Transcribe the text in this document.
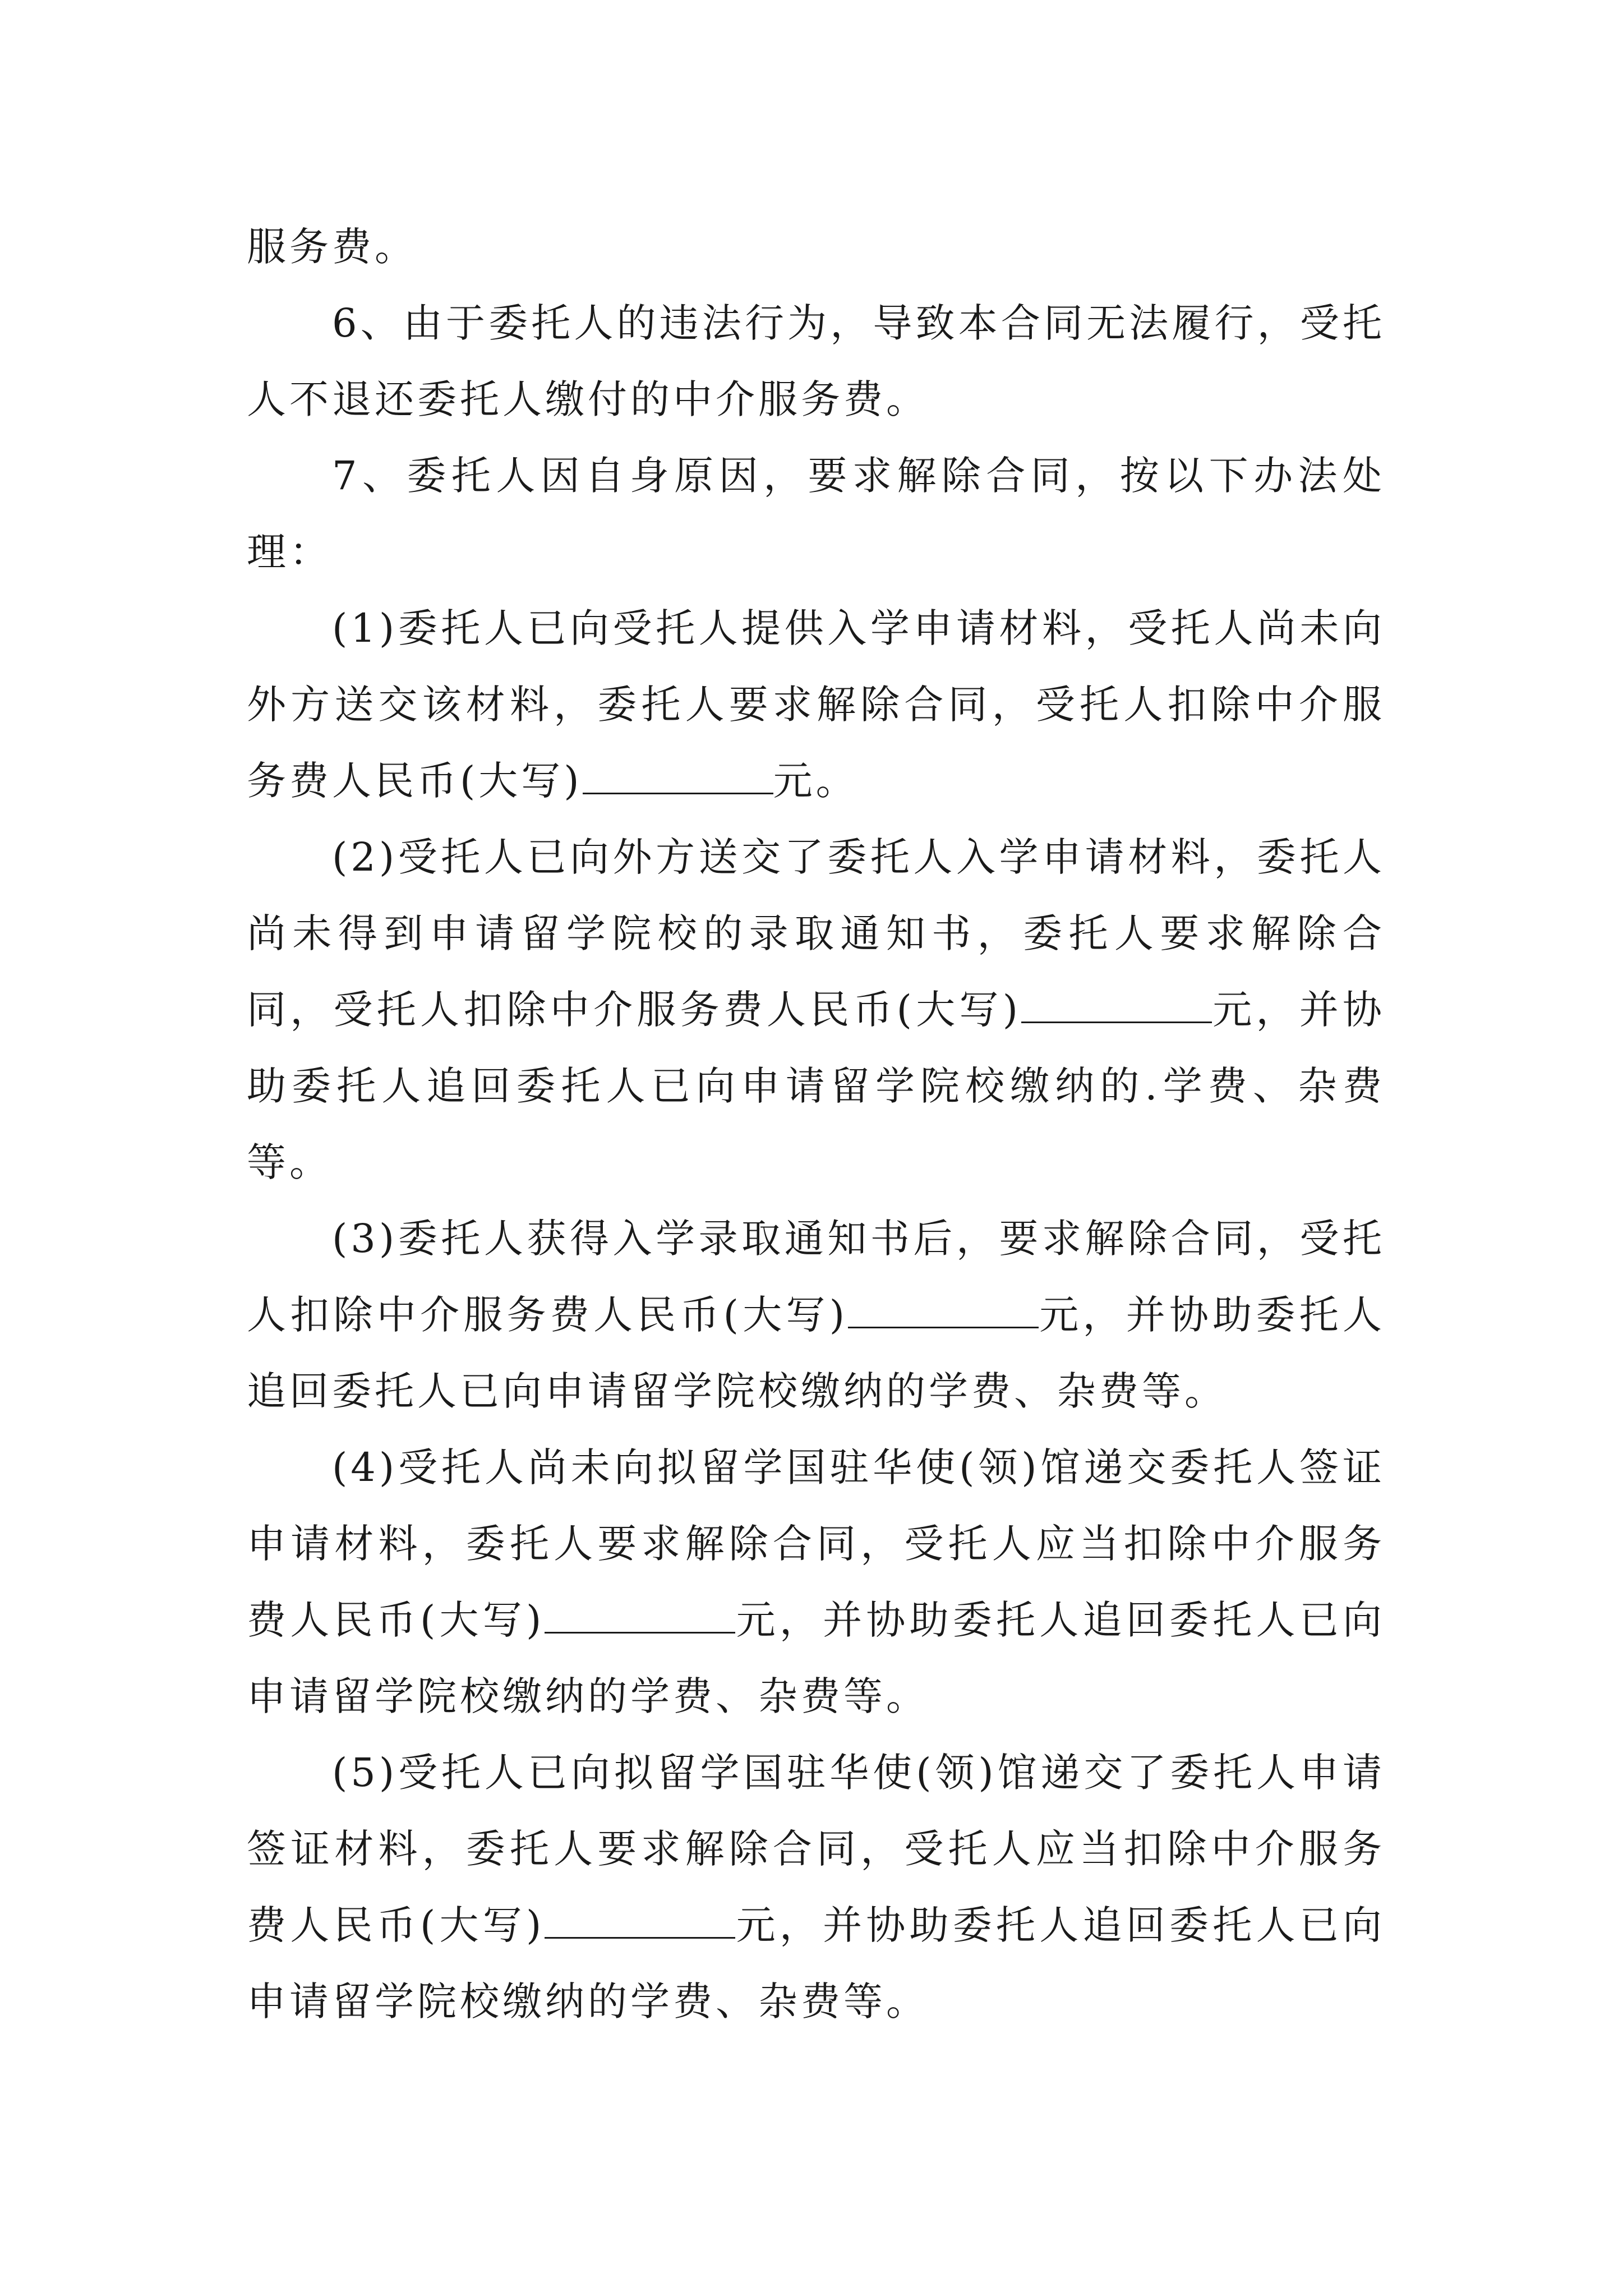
服务费。

6、由于委托人的违法行为，导致本合同无法履行，受托人不退还委托人缴付的中介服务费。

7、委托人因自身原因，要求解除合同，按以下办法处理：

(1)委托人已向受托人提供入学申请材料，受托人尚未向外方送交该材料，委托人要求解除合同，受托人扣除中介服务费人民币(大写)	元。

(2)受托人已向外方送交了委托人入学申请材料，委托人尚未得到申请留学院校的录取通知书，委托人要求解除合同，受托人扣除中介服务费人民币(大写)	元，并协助委托人追回委托人已向申请留学院校缴纳的.学费、杂费等。

(3)委托人获得入学录取通知书后，要求解除合同，受托人扣除中介服务费人民币(大写)	元，并协助委托人追回委托人已向申请留学院校缴纳的学费、杂费等。

(4)受托人尚未向拟留学国驻华使(领)馆递交委托人签证申请材料，委托人要求解除合同，受托人应当扣除中介服务费人民币(大写)	元，并协助委托人追回委托人已向申请留学院校缴纳的学费、杂费等。

(5)受托人已向拟留学国驻华使(领)馆递交了委托人申请签证材料，委托人要求解除合同，受托人应当扣除中介服务费人民币(大写)	元，并协助委托人追回委托人已向申请留学院校缴纳的学费、杂费等。
